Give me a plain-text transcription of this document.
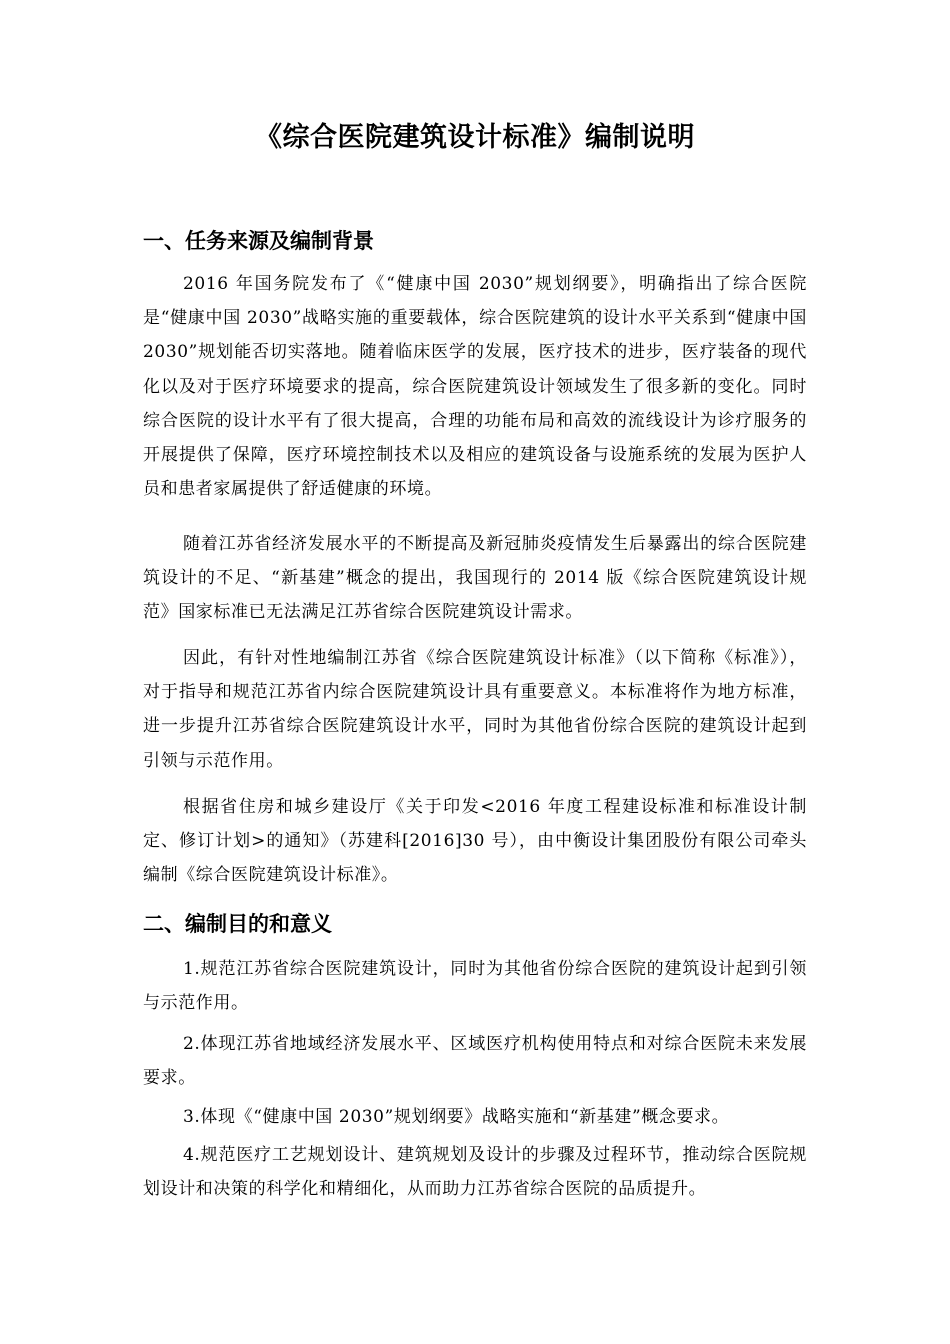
《综合医院建筑设计标准》编制说明
一、任务来源及编制背景

2016 年国务院发布了《“健康中国 2030”规划纲要》，明确指出了综合医院是“健康中国 2030”战略实施的重要载体，综合医院建筑的设计水平关系到“健康中国 2030”规划能否切实落地。随着临床医学的发展，医疗技术的进步，医疗装备的现代化以及对于医疗环境要求的提高，综合医院建筑设计领域发生了很多新的变化。同时综合医院的设计水平有了很大提高，合理的功能布局和高效的流线设计为诊疗服务的开展提供了保障，医疗环境控制技术以及相应的建筑设备与设施系统的发展为医护人员和患者家属提供了舒适健康的环境。

随着江苏省经济发展水平的不断提高及新冠肺炎疫情发生后暴露出的综合医院建筑设计的不足、“新基建”概念的提出，我国现行的 2014 版《综合医院建筑设计规范》国家标准已无法满足江苏省综合医院建筑设计需求。

因此，有针对性地编制江苏省《综合医院建筑设计标准》（以下简称《标准》），对于指导和规范江苏省内综合医院建筑设计具有重要意义。本标准将作为地方标准，进一步提升江苏省综合医院建筑设计水平，同时为其他省份综合医院的建筑设计起到引领与示范作用。

根据省住房和城乡建设厅《关于印发<2016 年度工程建设标准和标准设计制定、修订计划>的通知》（苏建科[2016]30 号），由中衡设计集团股份有限公司牵头编制《综合医院建筑设计标准》。

二、编制目的和意义

1.规范江苏省综合医院建筑设计，同时为其他省份综合医院的建筑设计起到引领与示范作用。

2.体现江苏省地域经济发展水平、区域医疗机构使用特点和对综合医院未来发展要求。

3.体现《“健康中国 2030”规划纲要》战略实施和“新基建”概念要求。

4.规范医疗工艺规划设计、建筑规划及设计的步骤及过程环节，推动综合医院规划设计和决策的科学化和精细化，从而助力江苏省综合医院的品质提升。
